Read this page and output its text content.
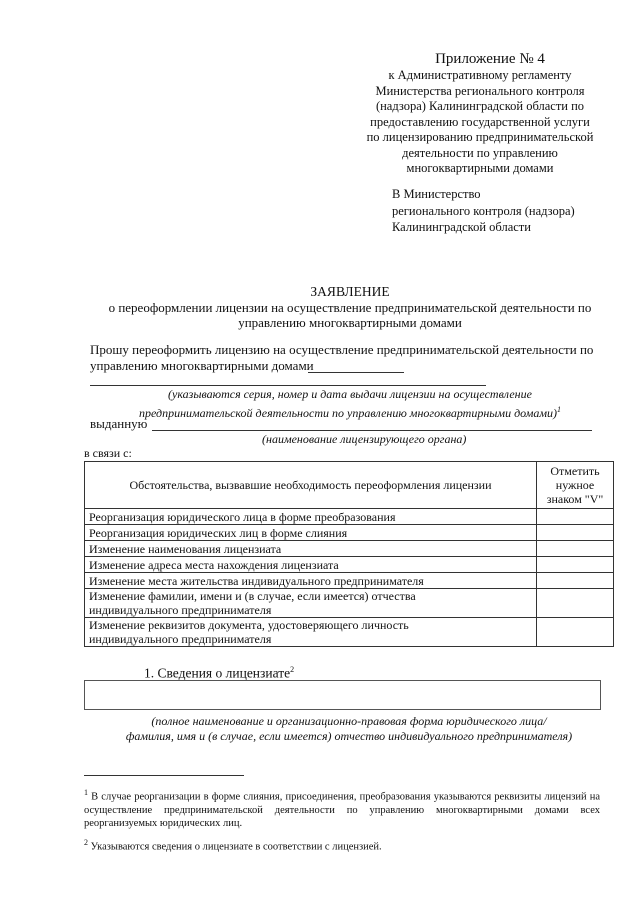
Приложение № 4
к Административному регламенту
Министерства регионального контроля
(надзора) Калининградской области по
предоставлению государственной услуги
по лицензированию предпринимательской
деятельности по управлению
многоквартирными домами
В Министерство
регионального контроля (надзора)
Калининградской области
ЗАЯВЛЕНИЕ
о переоформлении лицензии на осуществление предпринимательской деятельности по
управлению многоквартирными домами
Прошу переоформить лицензию на осуществление предпринимательской деятельности по
управлению многоквартирными домами
(указываются серия, номер и дата выдачи лицензии на осуществление
предпринимательской деятельности по управлению многоквартирными домами)$^1$
выданную
(наименование лицензирующего органа)
в связи с:
Обстоятельства, вызвавшие необходимость переоформления лицензии	Отметить
нужное
знаком "V"

Реорганизация юридического лица в форме преобразования	
Реорганизация юридических лиц в форме слияния	
Изменение наименования лицензиата	
Изменение адреса места нахождения лицензиата	
Изменение места жительства индивидуального предпринимателя	

Изменение фамилии, имени и (в случае, если имеется) отчества
индивидуального предпринимателя	

Изменение реквизитов документа, удостоверяющего личность
индивидуального предпринимателя	

1. Сведения о лицензиате$^2$
(полное наименование и организационно-правовая форма юридического лица/
фамилия, имя и (в случае, если имеется) отчество индивидуального предпринимателя)
$^1$ В случае реорганизации в форме слияния, присоединения, преобразования указываются реквизиты лицензий на осуществление предпринимательской деятельности по управлению многоквартирными домами всех реорганизуемых юридических лиц.
$^2$ Указываются сведения о лицензиате в соответствии с лицензией.
